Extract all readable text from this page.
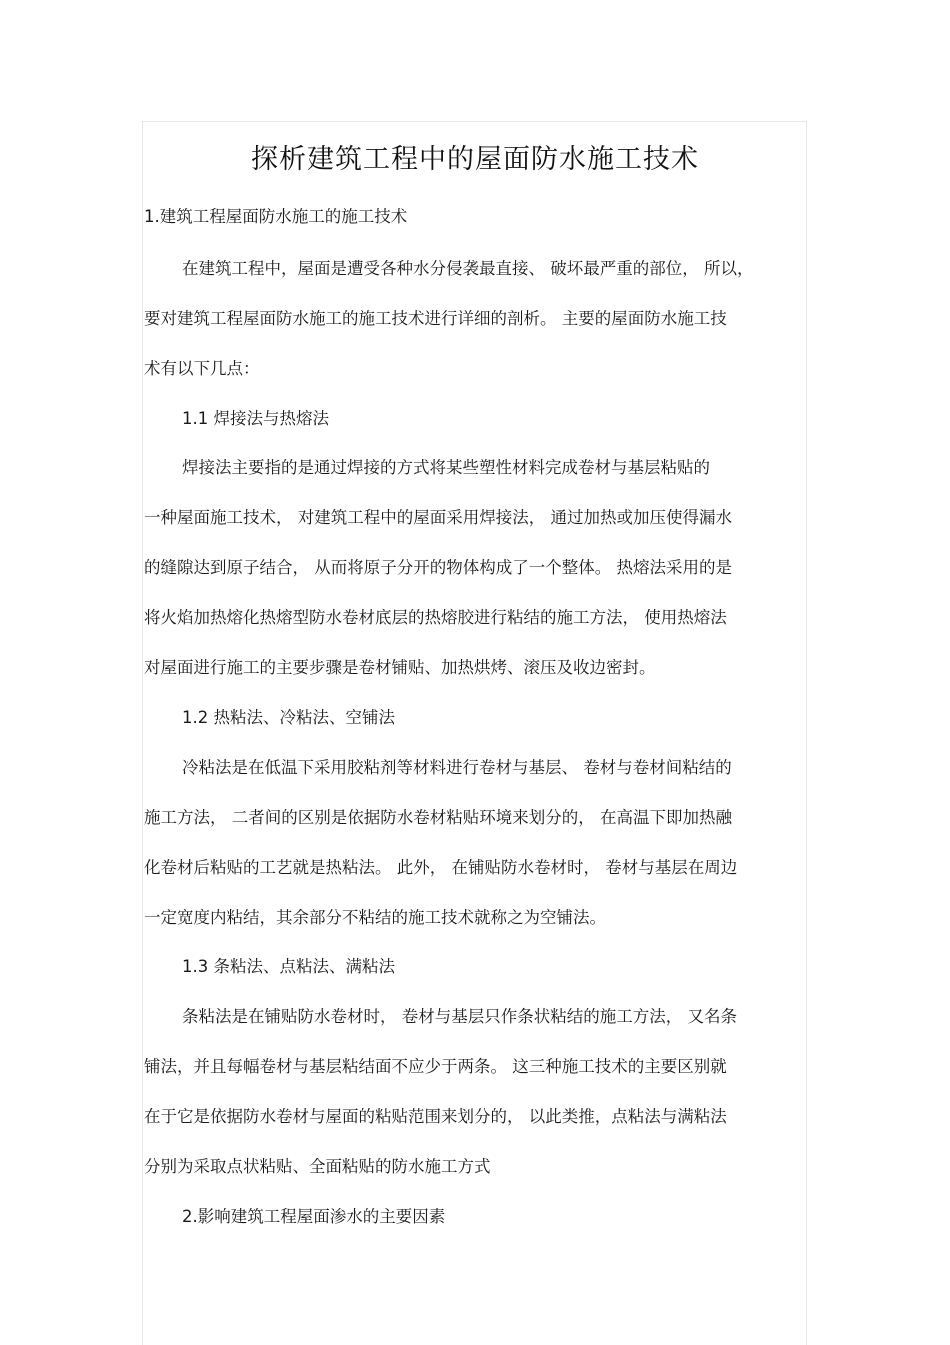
探析建筑工程中的屋面防水施工技术
1.建筑工程屋面防水施工的施工技术
在建筑工程中，屋面是遭受各种水分侵袭最直接、 破坏最严重的部位， 所以，
要对建筑工程屋面防水施工的施工技术进行详细的剖析。 主要的屋面防水施工技
术有以下几点：
1.1 焊接法与热熔法
焊接法主要指的是通过焊接的方式将某些塑性材料完成卷材与基层粘贴的
一种屋面施工技术， 对建筑工程中的屋面采用焊接法， 通过加热或加压使得漏水
的缝隙达到原子结合， 从而将原子分开的物体构成了一个整体。 热熔法采用的是
将火焰加热熔化热熔型防水卷材底层的热熔胶进行粘结的施工方法， 使用热熔法
对屋面进行施工的主要步骤是卷材铺贴、加热烘烤、滚压及收边密封。
1.2 热粘法、冷粘法、空铺法
冷粘法是在低温下采用胶粘剂等材料进行卷材与基层、 卷材与卷材间粘结的
施工方法， 二者间的区别是依据防水卷材粘贴环境来划分的， 在高温下即加热融
化卷材后粘贴的工艺就是热粘法。 此外， 在铺贴防水卷材时， 卷材与基层在周边
一定宽度内粘结，其余部分不粘结的施工技术就称之为空铺法。
1.3 条粘法、点粘法、满粘法
条粘法是在铺贴防水卷材时， 卷材与基层只作条状粘结的施工方法， 又名条
铺法，并且每幅卷材与基层粘结面不应少于两条。 这三种施工技术的主要区别就
在于它是依据防水卷材与屋面的粘贴范围来划分的， 以此类推，点粘法与满粘法
分别为采取点状粘贴、全面粘贴的防水施工方式
2.影响建筑工程屋面渗水的主要因素
